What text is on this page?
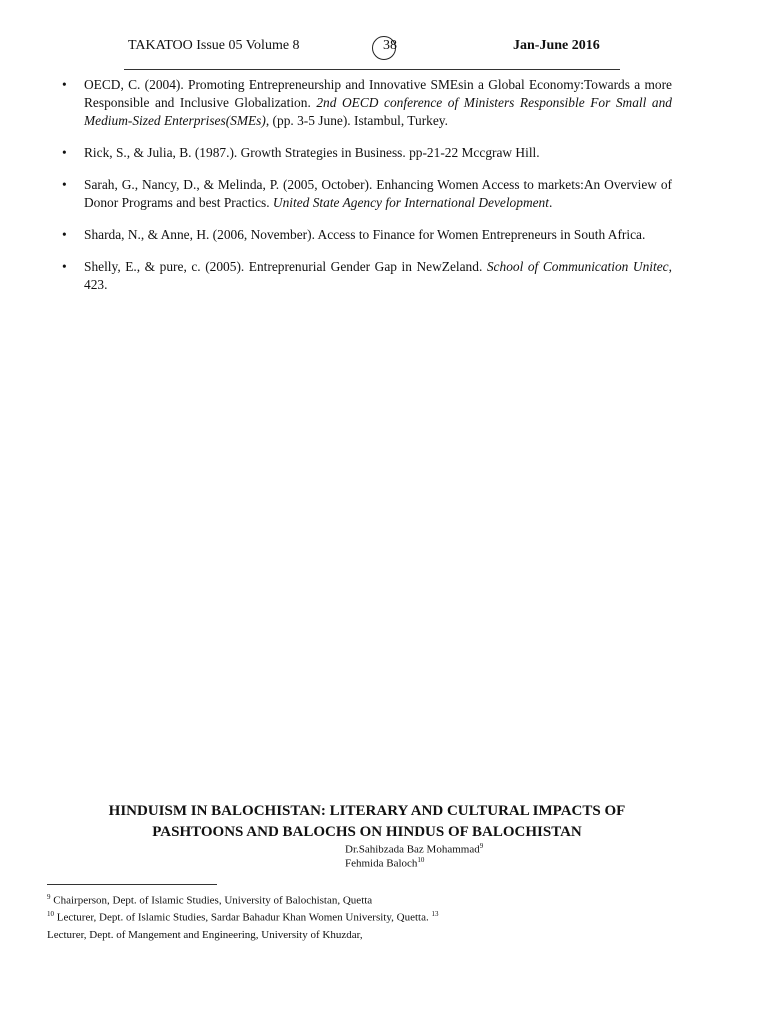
TAKATOO Issue 05 Volume 8	38	Jan-June 2016
• OECD, C. (2004). Promoting Entrepreneurship and Innovative SMEsin a Global Economy:Towards a more Responsible and Inclusive Globalization. 2nd OECD conference of Ministers Responsible For Small and Medium-Sized Enterprises(SMEs), (pp. 3-5 June). Istambul, Turkey.
• Rick, S., & Julia, B. (1987.). Growth Strategies in Business. pp-21-22 Mccgraw Hill.
• Sarah, G., Nancy, D., & Melinda, P. (2005, October). Enhancing Women Access to markets:An Overview of Donor Programs and best Practics. United State Agency for International Development.
• Sharda, N., & Anne, H. (2006, November). Access to Finance for Women Entrepreneurs in South Africa.
• Shelly, E., & pure, c. (2005). Entreprenurial Gender Gap in NewZeland. School of Communication Unitec, 423.
HINDUISM IN BALOCHISTAN: LITERARY AND CULTURAL IMPACTS OF
PASHTOONS AND BALOCHS ON HINDUS OF BALOCHISTAN
Dr.Sahibzada Baz Mohammad$^9$
Fehmida Baloch$^{10}$
$^9$ Chairperson, Dept. of Islamic Studies, University of Balochistan, Quetta
$^{10}$ Lecturer, Dept. of Islamic Studies, Sardar Bahadur Khan Women University, Quetta. $^{13}$
Lecturer, Dept. of Mangement and Engineering, University of Khuzdar,
